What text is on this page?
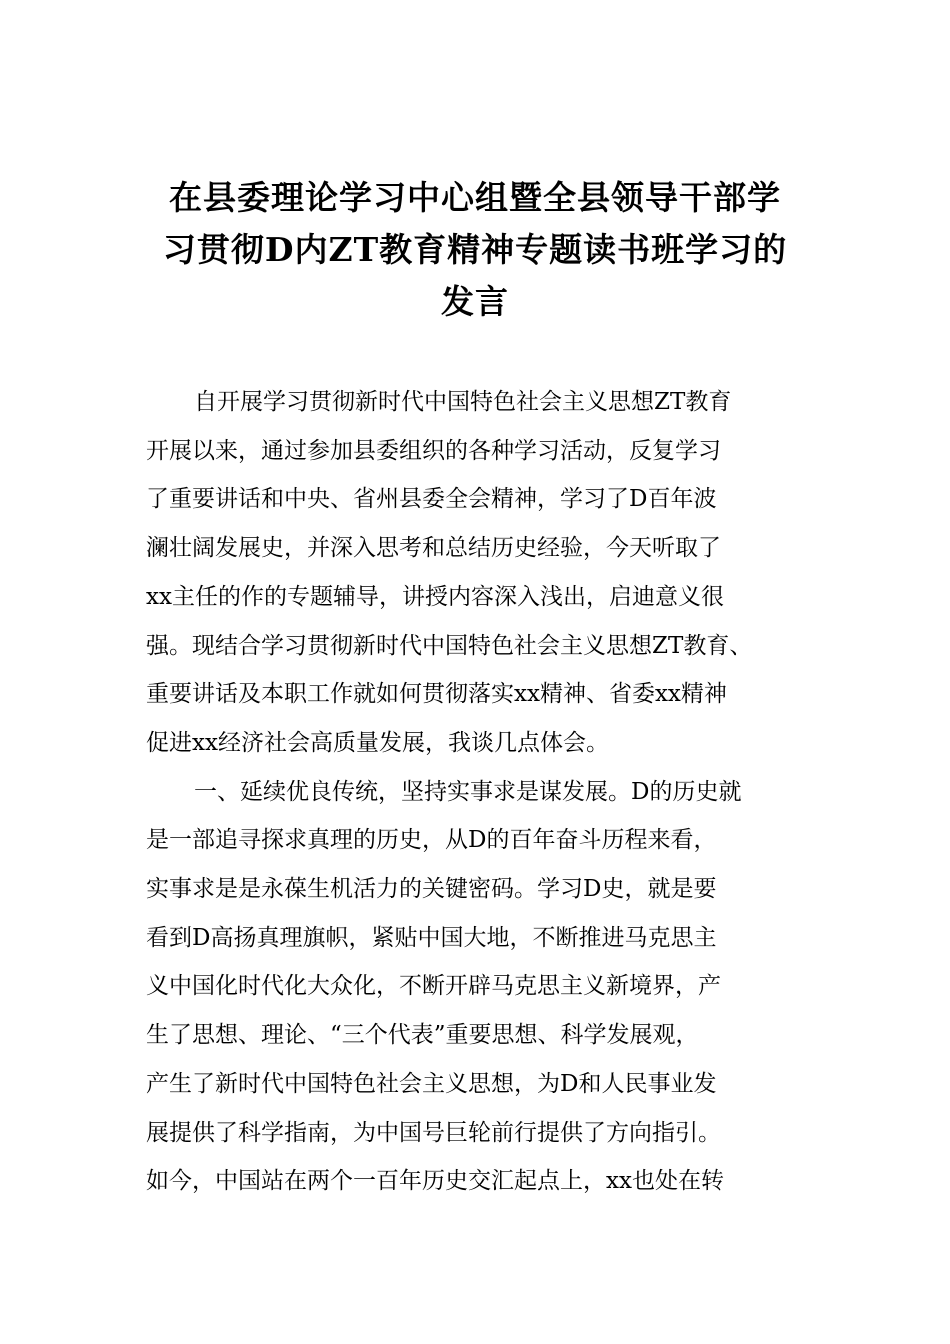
在县委理论学习中心组暨全县领导干部学
习贯彻D内ZT教育精神专题读书班学习的
发言

自开展学习贯彻新时代中国特色社会主义思想ZT教育
开展以来，通过参加县委组织的各种学习活动，反复学习
了重要讲话和中央、省州县委全会精神，学习了D百年波
澜壮阔发展史，并深入思考和总结历史经验，今天听取了
xx主任的作的专题辅导，讲授内容深入浅出，启迪意义很
强。现结合学习贯彻新时代中国特色社会主义思想ZT教育、
重要讲话及本职工作就如何贯彻落实xx精神、省委xx精神
促进xx经济社会高质量发展，我谈几点体会。

一、延续优良传统，坚持实事求是谋发展。D的历史就
是一部追寻探求真理的历史，从D的百年奋斗历程来看，
实事求是是永葆生机活力的关键密码。学习D史，就是要
看到D高扬真理旗帜，紧贴中国大地，不断推进马克思主
义中国化时代化大众化，不断开辟马克思主义新境界，产
生了思想、理论、“三个代表”重要思想、科学发展观，
产生了新时代中国特色社会主义思想，为D和人民事业发
展提供了科学指南，为中国号巨轮前行提供了方向指引。
如今，中国站在两个一百年历史交汇起点上，xx也处在转
